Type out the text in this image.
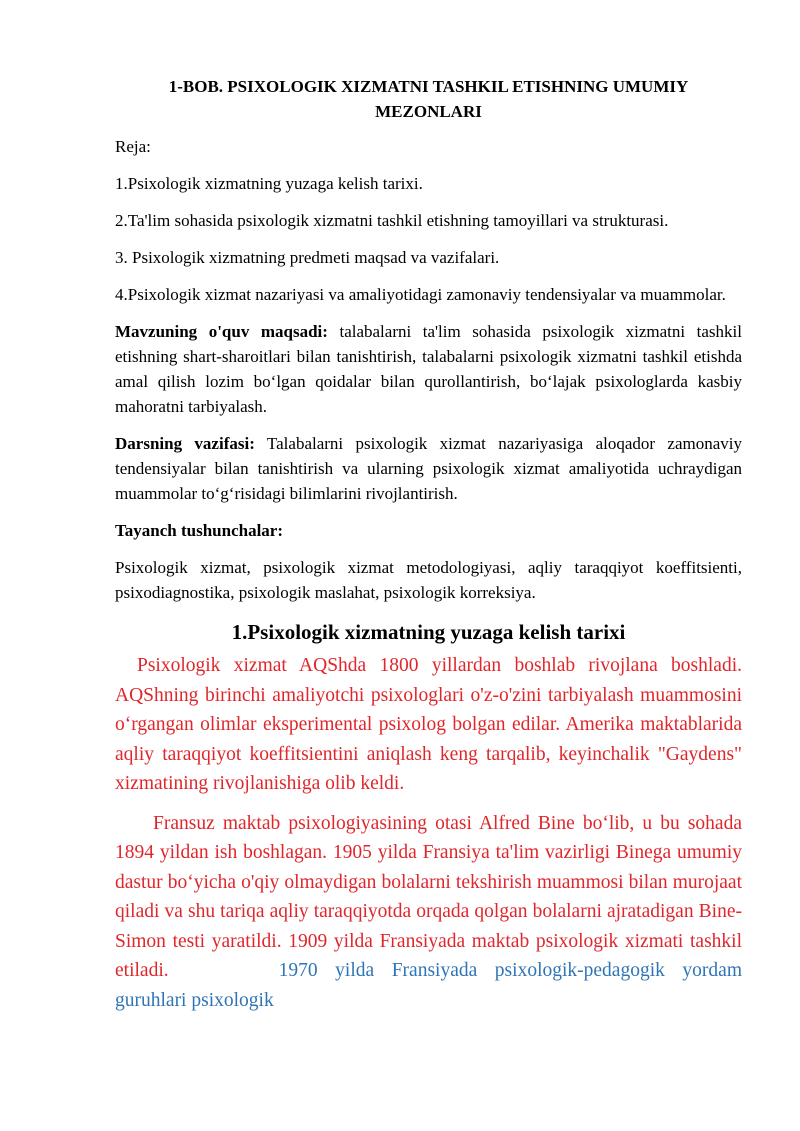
1-BOB. PSIXOLOGIK XIZMATNI TASHKIL ETISHNING UMUMIY
MEZONLARI
Reja:
1.Psixologik xizmatning yuzaga kelish tarixi.
2.Ta'lim sohasida psixologik xizmatni tashkil etishning tamoyillari va strukturasi.
3. Psixologik xizmatning predmeti maqsad va vazifalari.
4.Psixologik xizmat nazariyasi va amaliyotidagi zamonaviy tendensiyalar va muammolar.
Mavzuning o'quv maqsadi: talabalarni ta'lim sohasida psixologik xizmatni tashkil etishning shart-sharoitlari bilan tanishtirish, talabalarni psixologik xizmatni tashkil etishda amal qilish lozim bo‘lgan qoidalar bilan qurollantirish, bo‘lajak psixologlarda kasbiy mahoratni tarbiyalash.
Darsning vazifasi: Talabalarni psixologik xizmat nazariyasiga aloqador zamonaviy tendensiyalar bilan tanishtirish va ularning psixologik xizmat amaliyotida uchraydigan muammolar to‘g‘risidagi bilimlarini rivojlantirish.
Tayanch tushunchalar:
Psixologik xizmat, psixologik xizmat metodologiyasi, aqliy taraqqiyot koeffitsienti, psixodiagnostika, psixologik maslahat, psixologik korreksiya.
1.Psixologik xizmatning yuzaga kelish tarixi
Psixologik xizmat AQShda 1800 yillardan boshlab rivojlana boshladi. AQShning birinchi amaliyotchi psixologlari o'z-o'zini tarbiyalash muammosini o‘rgangan olimlar eksperimental psixolog bolgan edilar. Amerika maktablarida aqliy taraqqiyot koeffitsientini aniqlash keng tarqalib, keyinchalik "Gaydens" xizmatining rivojlanishiga olib keldi.
Fransuz maktab psixologiyasining otasi Alfred Bine bo‘lib, u bu sohada 1894 yildan ish boshlagan. 1905 yilda Fransiya ta'lim vazirligi Binega umumiy dastur bo‘yicha o'qiy olmaydigan bolalarni tekshirish muammosi bilan murojaat qiladi va shu tariqa aqliy taraqqiyotda orqada qolgan bolalarni ajratadigan Bine-Simon testi yaratildi. 1909 yilda Fransiyada maktab psixologik xizmati tashkil etiladi.	1970 yilda Fransiyada psixologik-pedagogik yordam guruhlari psixologik
